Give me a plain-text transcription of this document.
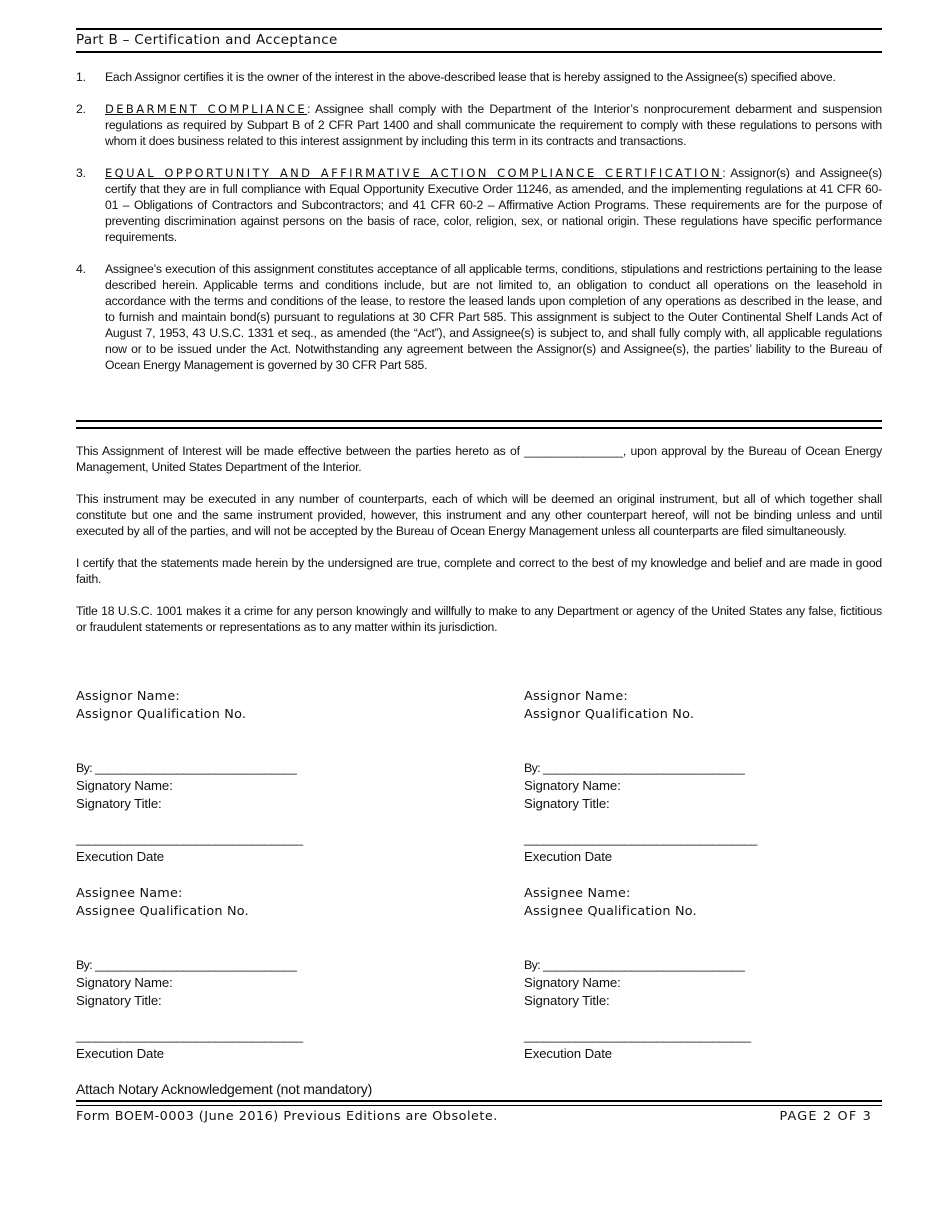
Part B – Certification and Acceptance
1. Each Assignor certifies it is the owner of the interest in the above-described lease that is hereby assigned to the Assignee(s) specified above.
2. DEBARMENT COMPLIANCE: Assignee shall comply with the Department of the Interior’s nonprocurement debarment and suspension regulations as required by Subpart B of 2 CFR Part 1400 and shall communicate the requirement to comply with these regulations to persons with whom it does business related to this interest assignment by including this term in its contracts and transactions.
3. EQUAL OPPORTUNITY AND AFFIRMATIVE ACTION COMPLIANCE CERTIFICATION: Assignor(s) and Assignee(s) certify that they are in full compliance with Equal Opportunity Executive Order 11246, as amended, and the implementing regulations at 41 CFR 60-01 – Obligations of Contractors and Subcontractors; and 41 CFR 60-2 – Affirmative Action Programs. These requirements are for the purpose of preventing discrimination against persons on the basis of race, color, religion, sex, or national origin. These regulations have specific performance requirements.
4. Assignee’s execution of this assignment constitutes acceptance of all applicable terms, conditions, stipulations and restrictions pertaining to the lease described herein. Applicable terms and conditions include, but are not limited to, an obligation to conduct all operations on the leasehold in accordance with the terms and conditions of the lease, to restore the leased lands upon completion of any operations as described in the lease, and to furnish and maintain bond(s) pursuant to regulations at 30 CFR Part 585. This assignment is subject to the Outer Continental Shelf Lands Act of August 7, 1953, 43 U.S.C. 1331 et seq., as amended (the “Act”), and Assignee(s) is subject to, and shall fully comply with, all applicable regulations now or to be issued under the Act. Notwithstanding any agreement between the Assignor(s) and Assignee(s), the parties’ liability to the Bureau of Ocean Energy Management is governed by 30 CFR Part 585.

This Assignment of Interest will be made effective between the parties hereto as of _______________, upon approval by the Bureau of Ocean Energy Management, United States Department of the Interior.

This instrument may be executed in any number of counterparts, each of which will be deemed an original instrument, but all of which together shall constitute but one and the same instrument provided, however, this instrument and any other counterpart hereof, will not be binding unless and until executed by all of the parties, and will not be accepted by the Bureau of Ocean Energy Management unless all counterparts are filed simultaneously.

I certify that the statements made herein by the undersigned are true, complete and correct to the best of my knowledge and belief and are made in good faith.

Title 18 U.S.C. 1001 makes it a crime for any person knowingly and willfully to make to any Department or agency of the United States any false, fictitious or fraudulent statements or representations as to any matter within its jurisdiction.

Assignor Name:
Assignor Qualification No.
By: ________________________________
Signatory Name:
Signatory Title:
____________________________________
Execution Date
Assignor Name:
Assignor Qualification No.
By: ________________________________
Signatory Name:
Signatory Title:
_____________________________________
Execution Date
Assignee Name:
Assignee Qualification No.
By: ________________________________
Signatory Name:
Signatory Title:
____________________________________
Execution Date
Assignee Name:
Assignee Qualification No.
By: ________________________________
Signatory Name:
Signatory Title:
____________________________________
Execution Date
Attach Notary Acknowledgement (not mandatory)
Form BOEM-0003 (June 2016) Previous Editions are Obsolete.	PAGE 2 OF 3
